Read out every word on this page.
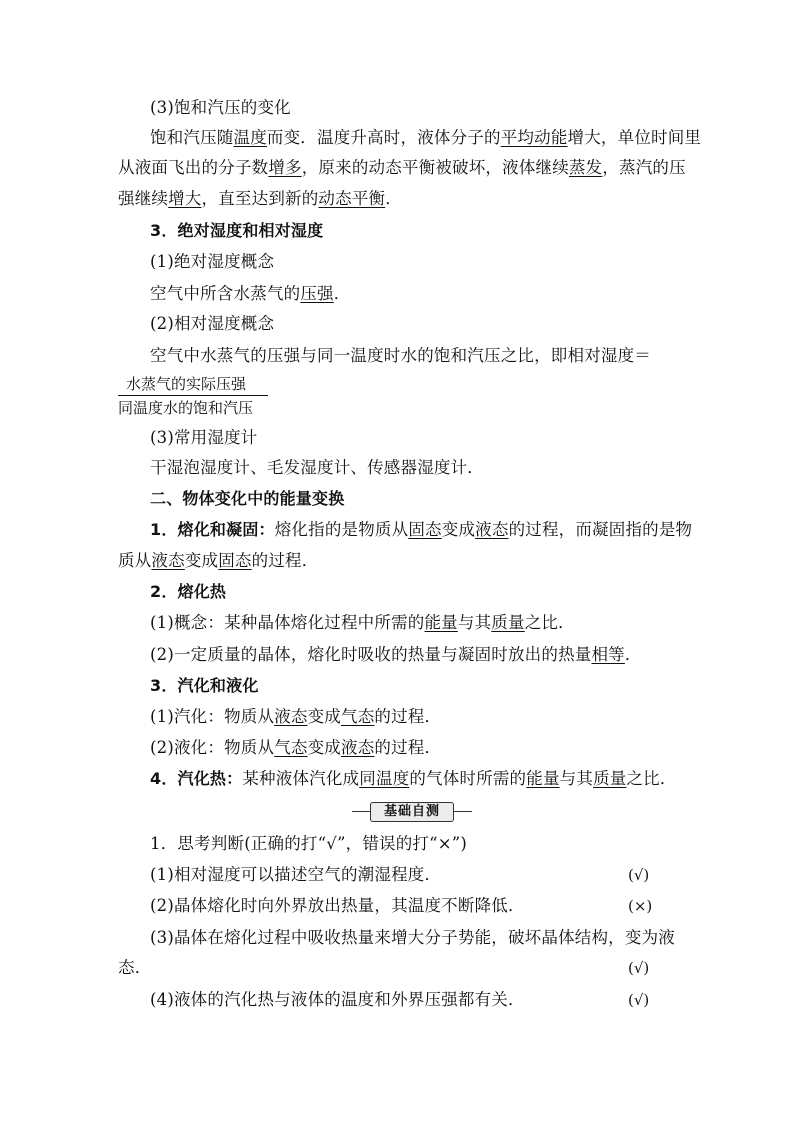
(3)饱和汽压的变化
饱和汽压随温度而变．温度升高时，液体分子的平均动能增大，单位时间里
从液面飞出的分子数增多，原来的动态平衡被破坏，液体继续蒸发，蒸汽的压
强继续增大，直至达到新的动态平衡．
3．绝对湿度和相对湿度
(1)绝对湿度概念
空气中所含水蒸气的压强．
(2)相对湿度概念
空气中水蒸气的压强与同一温度时水的饱和汽压之比，即相对湿度＝
水蒸气的实际压强
同温度水的饱和汽压
(3)常用湿度计
干湿泡湿度计、毛发湿度计、传感器湿度计．
二、物体变化中的能量变换
1．熔化和凝固：熔化指的是物质从固态变成液态的过程，而凝固指的是物
质从液态变成固态的过程．
2．熔化热
(1)概念：某种晶体熔化过程中所需的能量与其质量之比．
(2)一定质量的晶体，熔化时吸收的热量与凝固时放出的热量相等．
3．汽化和液化
(1)汽化：物质从液态变成气态的过程．
(2)液化：物质从气态变成液态的过程．
4．汽化热：某种液体汽化成同温度的气体时所需的能量与其质量之比．
基础自测
1．思考判断(正确的打“√”，错误的打“×”)
(1)相对湿度可以描述空气的潮湿程度．	(√)
(2)晶体熔化时向外界放出热量，其温度不断降低．	(×)
(3)晶体在熔化过程中吸收热量来增大分子势能，破坏晶体结构，变为液
态．	(√)
(4)液体的汽化热与液体的温度和外界压强都有关．	(√)
